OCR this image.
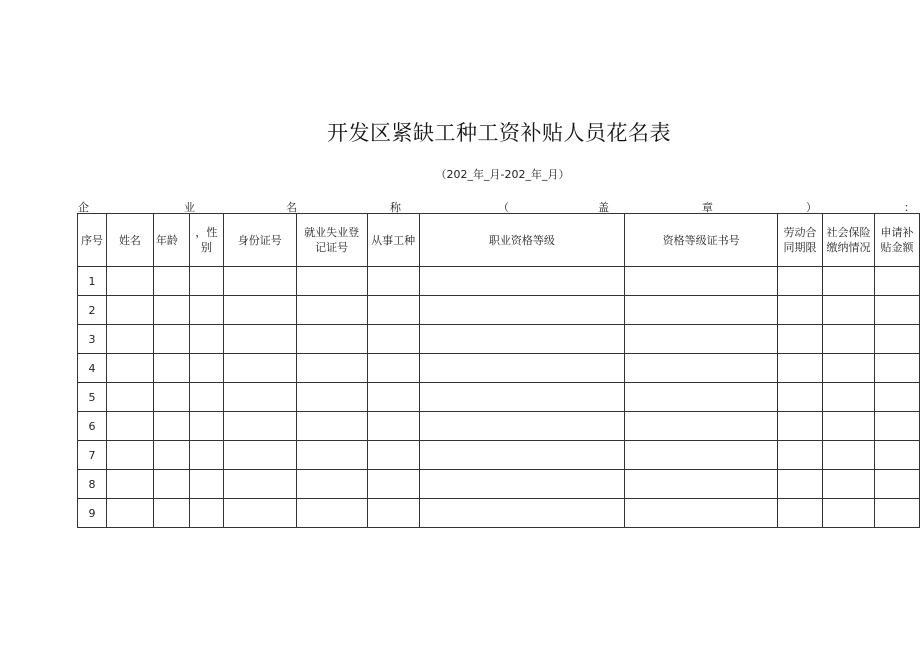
开发区紧缺工种工资补贴人员花名表
（202_年_月-202_年_月）
企	业	名	称	（	盖	章	）	：
序号	姓名	年龄	，性别	身份证号	就业失业登记证号	从事工种	职业资格等级	资格等级证书号	劳动合同期限	社会保险缴纳情况	申请补贴金额
1											
2											
3											
4											
5											
6											
7											
8											
9											
